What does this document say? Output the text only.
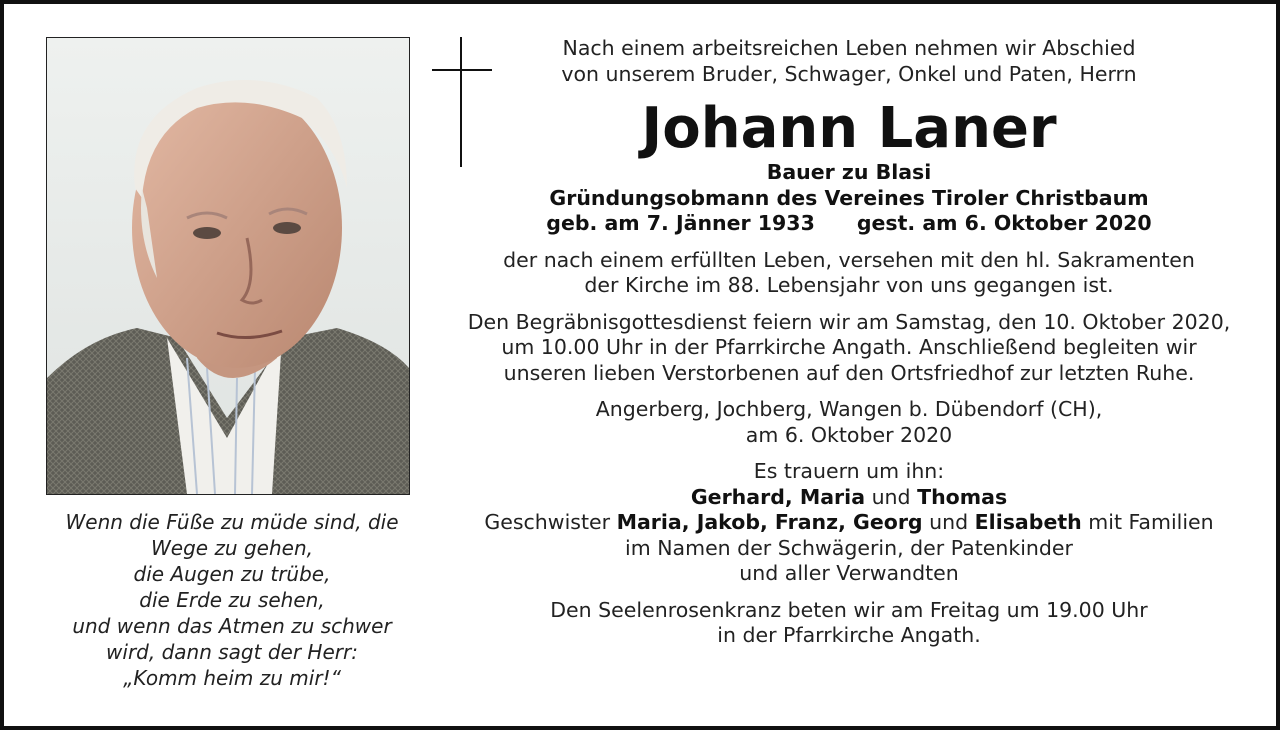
Wenn die Füße zu müde sind, die
Wege zu gehen,
die Augen zu trübe,
die Erde zu sehen,
und wenn das Atmen zu schwer
wird, dann sagt der Herr:
„Komm heim zu mir!“

Nach einem arbeitsreichen Leben nehmen wir Abschied

von unserem Bruder, Schwager, Onkel und Paten, Herrn

Johann Laner

Bauer zu Blasi

Gründungsobmann des Vereines Tiroler Christbaum

geb. am 7. Jänner 1933 gest. am 6. Oktober 2020

der nach einem erfüllten Leben, versehen mit den hl. Sakramenten

der Kirche im 88. Lebensjahr von uns gegangen ist.

Den Begräbnisgottesdienst feiern wir am Samstag, den 10. Oktober 2020,

um 10.00 Uhr in der Pfarrkirche Angath. Anschließend begleiten wir

unseren lieben Verstorbenen auf den Ortsfriedhof zur letzten Ruhe.

Angerberg, Jochberg, Wangen b. Dübendorf (CH),

am 6. Oktober 2020

Es trauern um ihn:

Gerhard, Maria und Thomas

Geschwister Maria, Jakob, Franz, Georg und Elisabeth mit Familien

im Namen der Schwägerin, der Patenkinder

und aller Verwandten

Den Seelenrosenkranz beten wir am Freitag um 19.00 Uhr

in der Pfarrkirche Angath.
